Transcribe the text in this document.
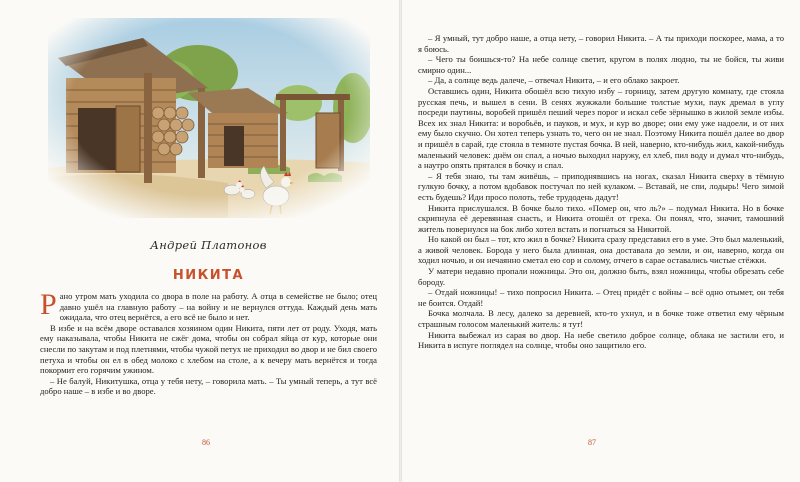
Андрей Платонов
НИКИТА

Рано утром мать уходила со двора в поле на работу. А отца в семействе не было; отец давно ушёл на главную работу – на войну и не вернулся оттуда. Каждый день мать ожидала, что отец вернётся, а его всё не было и нет.

В избе и на всём дворе оставался хозяином один Никита, пяти лет от роду. Уходя, мать ему наказывала, чтобы Никита не сжёг дома, чтобы он собрал яйца от кур, которые они снесли по закутам и под плетнями, чтобы чужой петух не приходил во двор и не бил своего петуха и чтобы он ел в обед молоко с хлебом на столе, а к вечеру мать вернётся и тогда покормит его горячим ужином.

– Не балуй, Никитушка, отца у тебя нету, – говорила мать. – Ты умный теперь, а тут всё добро наше – в избе и во дворе.

86

– Я умный, тут добро наше, а отца нету, – говорил Никита. – А ты приходи поскорее, мама, а то я боюсь.

– Чего ты боишься-то? На небе солнце светит, кругом в полях людно, ты не бойся, ты живи смирно один...

– Да, а солнце ведь далече, – отвечал Никита, – и его облако закроет.

Оставшись один, Никита обошёл всю тихую избу – горницу, затем другую комнату, где стояла русская печь, и вышел в сени. В сенях жужжали большие толстые мухи, паук дремал в углу посреди паутины, воробей пришёл пеший через порог и искал себе зёрнышко в жилой земле избы. Всех их знал Никита: и воробьёв, и пауков, и мух, и кур во дворе; они ему уже надоели, и от них ему было скучно. Он хотел теперь узнать то, чего он не знал. Поэтому Никита пошёл далее во двор и пришёл в сарай, где стояла в темноте пустая бочка. В ней, наверно, кто-нибудь жил, какой-нибудь маленький человек: днём он спал, а ночью выходил наружу, ел хлеб, пил воду и думал что-нибудь, а наутро опять прятался в бочку и спал.

– Я тебя знаю, ты там живёшь, – приподнявшись на ногах, сказал Никита сверху в тёмную гулкую бочку, а потом вдобавок постучал по ней кулаком. – Вставай, не спи, лодырь! Чего зимой есть будешь? Иди просо полоть, тебе трудодень дадут!

Никита прислушался. В бочке было тихо. «Помер он, что ль?» – подумал Никита. Но в бочке скрипнула её деревянная снасть, и Никита отошёл от греха. Он понял, что, значит, тамошний житель повернулся на бок либо хотел встать и погнаться за Никитой.

Но какой он был – тот, кто жил в бочке? Никита сразу представил его в уме. Это был маленький, а живой человек. Борода у него была длинная, она доставала до земли, и он, наверно, когда он ходил ночью, и он нечаянно сметал ею сор и солому, отчего в сарае оставались чистые стёжки.

У матери недавно пропали ножницы. Это он, должно быть, взял ножницы, чтобы обрезать себе бороду.

– Отдай ножницы! – тихо попросил Никита. – Отец придёт с войны – всё одно отымет, он тебя не боится. Отдай!

Бочка молчала. В лесу, далеко за деревней, кто-то ухнул, и в бочке тоже ответил ему чёрным страшным голосом маленький житель: я тут!

Никита выбежал из сарая во двор. На небе светило доброе солнце, облака не застили его, и Никита в испуге поглядел на солнце, чтобы оно защитило его.

87
